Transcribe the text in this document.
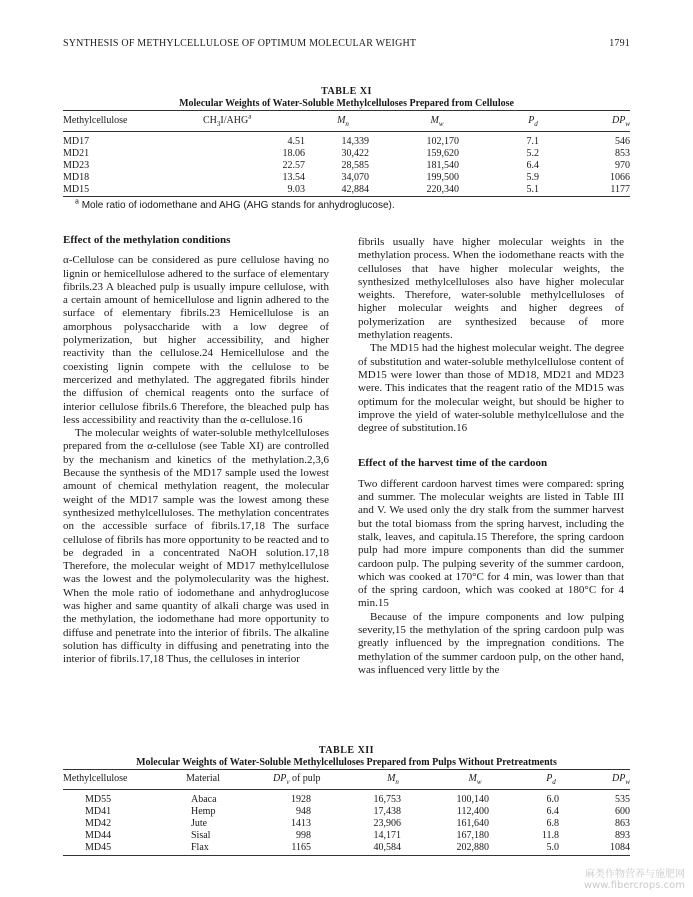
SYNTHESIS OF METHYLCELLULOSE OF OPTIMUM MOLECULAR WEIGHT	1791
TABLE XI
Molecular Weights of Water-Soluble Methylcelluloses Prepared from Cellulose
Methylcellulose	$CH_3I/AHG^a$	$M_n$	$M_w$	$P_d$	$DP_w$
MD17	4.51	14,339	102,170	7.1	546
MD21	18.06	30,422	159,620	5.2	853
MD23	22.57	28,585	181,540	6.4	970
MD18	13.54	34,070	199,500	5.9	1066
MD15	9.03	42,884	220,340	5.1	1177
$^a$ Mole ratio of iodomethane and AHG (AHG stands for anhydroglucose).
Effect of the methylation conditions

α-Cellulose can be considered as pure cellulose having no lignin or hemicellulose adhered to the surface of elementary fibrils.23 A bleached pulp is usually impure cellulose, with a certain amount of hemicellulose and lignin adhered to the surface of elementary fibrils.23 Hemicellulose is an amorphous polysaccharide with a low degree of polymerization, but higher accessibility, and higher reactivity than the cellulose.24 Hemicellulose and the coexisting lignin compete with the cellulose to be mercerized and methylated. The aggregated fibrils hinder the diffusion of chemical reagents onto the surface of interior cellulose fibrils.6 Therefore, the bleached pulp has less accessibility and reactivity than the α-cellulose.16

The molecular weights of water-soluble methylcelluloses prepared from the α-cellulose (see Table XI) are controlled by the mechanism and kinetics of the methylation.2,3,6 Because the synthesis of the MD17 sample used the lowest amount of chemical methylation reagent, the molecular weight of the MD17 sample was the lowest among these synthesized methylcelluloses. The methylation concentrates on the accessible surface of fibrils.17,18 The surface cellulose of fibrils has more opportunity to be reacted and to be degraded in a concentrated NaOH solution.17,18 Therefore, the molecular weight of MD17 methylcellulose was the lowest and the polymolecularity was the highest. When the mole ratio of iodomethane and anhydroglucose was higher and same quantity of alkali charge was used in the methylation, the iodomethane had more opportunity to diffuse and penetrate into the interior of fibrils. The alkaline solution has difficulty in diffusing and penetrating into the interior of fibrils.17,18 Thus, the celluloses in interior

fibrils usually have higher molecular weights in the methylation process. When the iodomethane reacts with the celluloses that have higher molecular weights, the synthesized methylcelluloses also have higher molecular weights. Therefore, water-soluble methylcelluloses of higher molecular weights and higher degrees of polymerization are synthesized because of more methylation reagents.

The MD15 had the highest molecular weight. The degree of substitution and water-soluble methylcellulose content of MD15 were lower than those of MD18, MD21 and MD23 were. This indicates that the reagent ratio of the MD15 was optimum for the molecular weight, but should be higher to improve the yield of water-soluble methylcellulose and the degree of substitution.16

Effect of the harvest time of the cardoon

Two different cardoon harvest times were compared: spring and summer. The molecular weights are listed in Table III and V. We used only the dry stalk from the summer harvest but the total biomass from the spring harvest, including the stalk, leaves, and capitula.15 Therefore, the spring cardoon pulp had more impure components than did the summer cardoon pulp. The pulping severity of the summer cardoon, which was cooked at 170°C for 4 min, was lower than that of the spring cardoon, which was cooked at 180°C for 4 min.15

Because of the impure components and low pulping severity,15 the methylation of the spring cardoon pulp was greatly influenced by the impregnation conditions. The methylation of the summer cardoon pulp, on the other hand, was influenced very little by the

TABLE XII
Molecular Weights of Water-Soluble Methylcelluloses Prepared from Pulps Without Pretreatments
Methylcellulose	Material	$DP_v$ of pulp	$M_n$	$M_w$	$P_d$	$DP_w$
MD55	Abaca	1928	16,753	100,140	6.0	535
MD41	Hemp	948	17,438	112,400	6.4	600
MD42	Jute	1413	23,906	161,640	6.8	863
MD44	Sisal	998	14,171	167,180	11.8	893
MD45	Flax	1165	40,584	202,880	5.0	1084
麻类作物营养与施肥网
www.fibercrops.com
